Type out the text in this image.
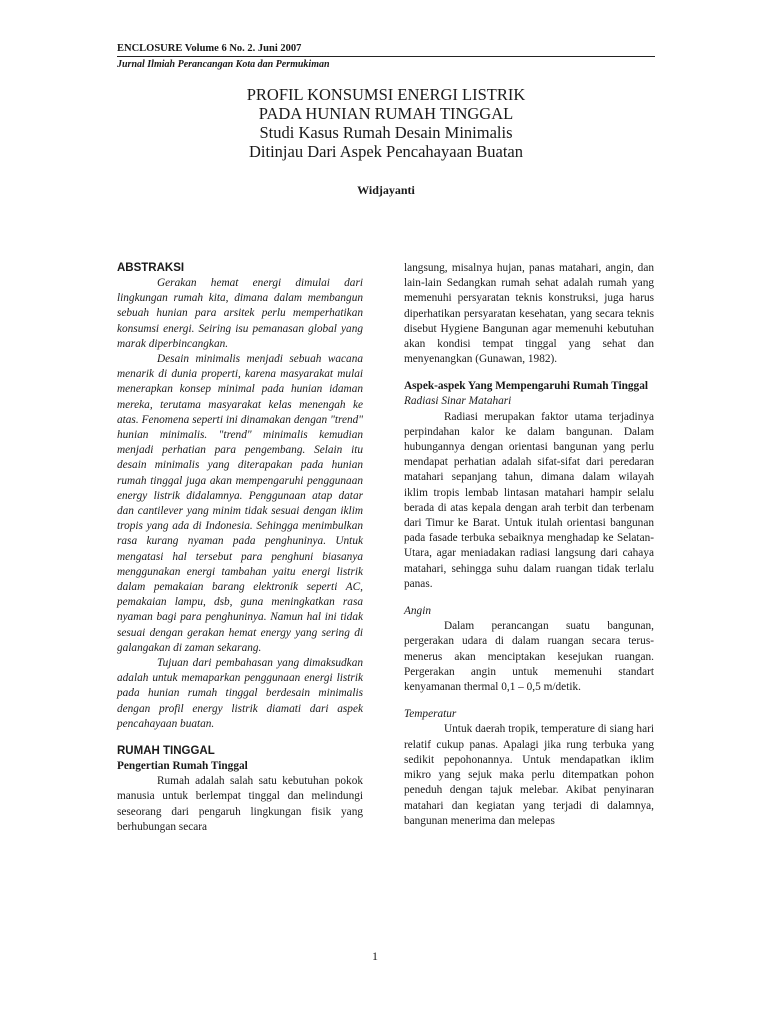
ENCLOSURE Volume 6 No. 2. Juni 2007
Jurnal Ilmiah Perancangan Kota dan Permukiman

PROFIL KONSUMSI ENERGI LISTRIK

PADA HUNIAN RUMAH TINGGAL

Studi Kasus Rumah Desain Minimalis

Ditinjau Dari Aspek Pencahayaan Buatan

Widjayanti

ABSTRAKSI

Gerakan hemat energi dimulai dari lingkungan rumah kita, dimana dalam membangun sebuah hunian para arsitek perlu memperhatikan konsumsi energi. Seiring isu pemanasan global yang marak diperbincangkan.

Desain minimalis menjadi sebuah wacana menarik di dunia properti, karena masyarakat mulai menerapkan konsep minimal pada hunian idaman mereka, terutama masyarakat kelas menengah ke atas. Fenomena seperti ini dinamakan dengan "trend" hunian minimalis. "trend" minimalis kemudian menjadi perhatian para pengembang. Selain itu desain minimalis yang diterapakan pada hunian rumah tinggal juga akan mempengaruhi penggunaan energy listrik didalamnya. Penggunaan atap datar dan cantilever yang minim tidak sesuai dengan iklim tropis yang ada di Indonesia. Sehingga menimbulkan rasa kurang nyaman pada penghuninya. Untuk mengatasi hal tersebut para penghuni biasanya menggunakan energi tambahan yaitu energi listrik dalam pemakaian barang elektronik seperti AC, pemakaian lampu, dsb, guna meningkatkan rasa nyaman bagi para penghuninya. Namun hal ini tidak sesuai dengan gerakan hemat energy yang sering di galangakan di zaman sekarang.

Tujuan dari pembahasan yang dimaksudkan adalah untuk memaparkan penggunaan energi listrik pada hunian rumah tinggal berdesain minimalis dengan profil energy listrik diamati dari aspek pencahayaan buatan.

RUMAH TINGGAL

Pengertian Rumah Tinggal

Rumah adalah salah satu kebutuhan pokok manusia untuk berlempat tinggal dan melindungi seseorang dari pengaruh lingkungan fisik yang berhubungan secara

langsung, misalnya hujan, panas matahari, angin, dan lain-lain Sedangkan rumah sehat adalah rumah yang memenuhi persyaratan teknis konstruksi, juga harus diperhatikan persyaratan kesehatan, yang secara teknis disebut Hygiene Bangunan agar memenuhi kebutuhan akan kondisi tempat tinggal yang sehat dan menyenangkan (Gunawan, 1982).

Aspek-aspek Yang Mempengaruhi Rumah Tinggal

Radiasi Sinar Matahari

Radiasi merupakan faktor utama terjadinya perpindahan kalor ke dalam bangunan. Dalam hubungannya dengan orientasi bangunan yang perlu mendapat perhatian adalah sifat-sifat dari peredaran matahari sepanjang tahun, dimana dalam wilayah iklim tropis lembab lintasan matahari hampir selalu berada di atas kepala dengan arah terbit dan terbenam dari Timur ke Barat. Untuk itulah orientasi bangunan pada fasade terbuka sebaiknya menghadap ke Selatan-Utara, agar meniadakan radiasi langsung dari cahaya matahari, sehingga suhu dalam ruangan tidak terlalu panas.

Angin

Dalam perancangan suatu bangunan, pergerakan udara di dalam ruangan secara terus-menerus akan menciptakan kesejukan ruangan. Pergerakan angin untuk memenuhi standart kenyamanan thermal 0,1 – 0,5 m/detik.

Temperatur

Untuk daerah tropik, temperature di siang hari relatif cukup panas. Apalagi jika rung terbuka yang sedikit pepohonannya. Untuk mendapatkan iklim mikro yang sejuk maka perlu ditempatkan pohon peneduh dengan tajuk melebar. Akibat penyinaran matahari dan kegiatan yang terjadi di dalamnya, bangunan menerima dan melepas

1
